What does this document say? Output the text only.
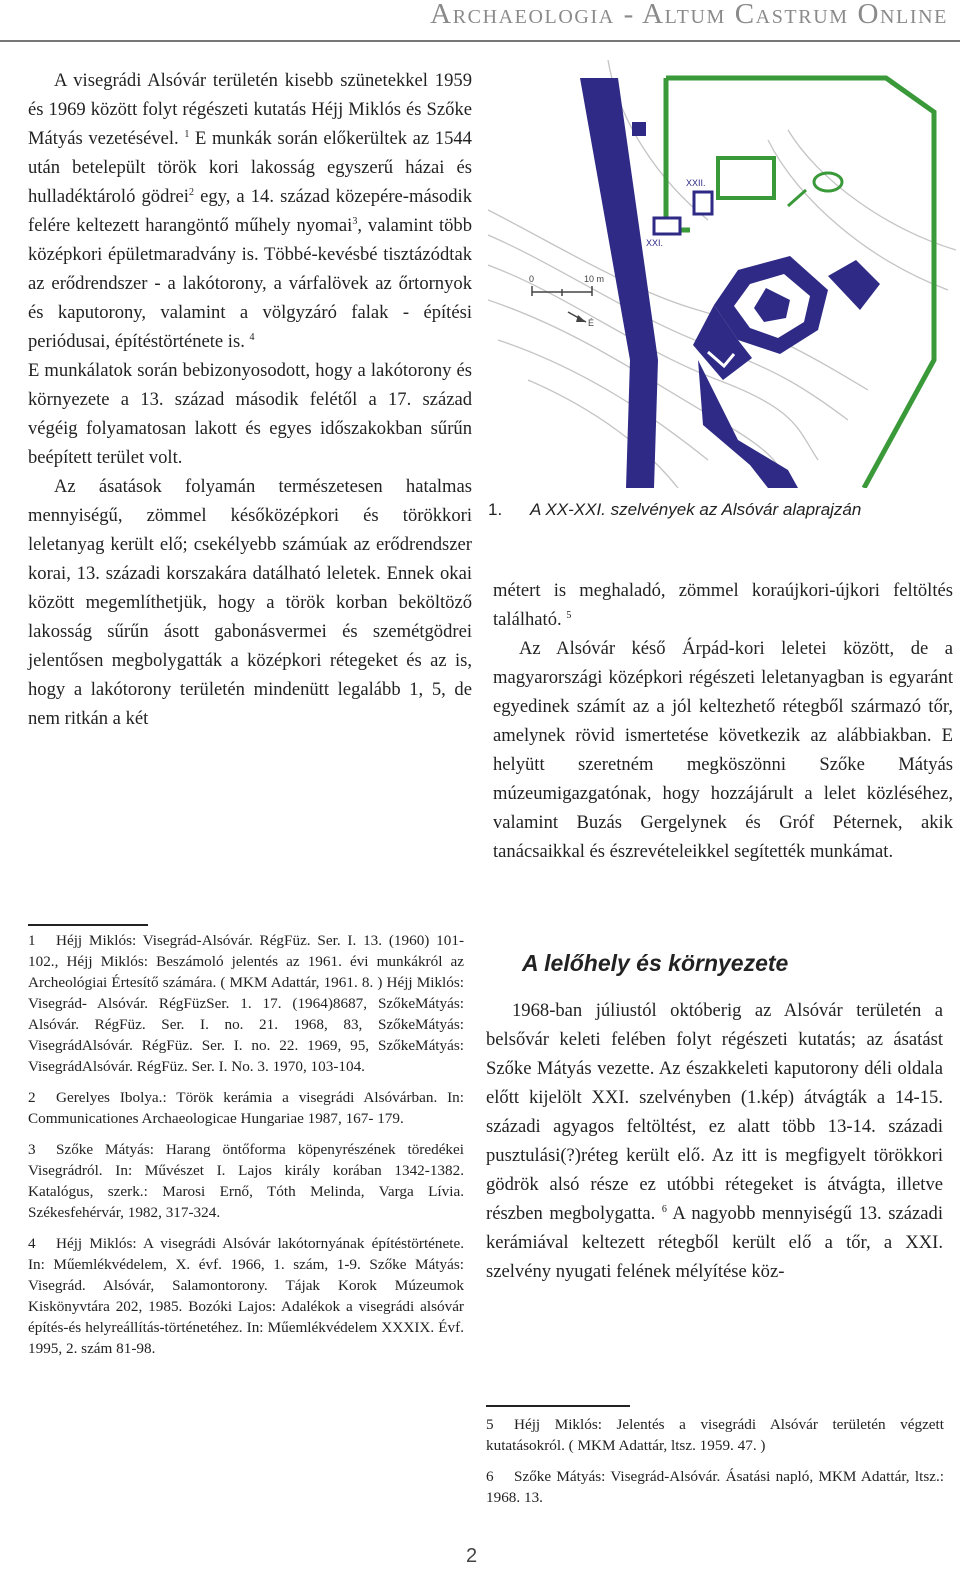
Archaeologia - Altum Castrum Online

A visegrádi Alsóvár területén kisebb szünetekkel 1959 és 1969 között folyt régészeti kutatás Héjj Miklós és Szőke Mátyás vezetésével. $^1$ E munkák során előkerültek az 1544 után betelepült török kori lakosság egyszerű házai és hulladéktároló gödrei$^2$ egy, a 14. század közepére-második felére keltezett harangöntő műhely nyomai$^3$, valamint több középkori épületmaradvány is. Többé-kevésbé tisztázódtak az erődrendszer - a lakótorony, a várfalövek az őrtornyok és kaputorony, valamint a völgyzáró falak - építési periódusai, építéstörténete is. $^4$

E munkálatok során bebizonyosodott, hogy a lakótorony és környezete a 13. század második felétől a 17. század végéig folyamatosan lakott és egyes időszakokban sűrűn beépített terület volt.

Az ásatások folyamán természetesen hatalmas mennyiségű, zömmel későközépkori és törökkori leletanyag került elő; csekélyebb számúak az erődrendszer korai, 13. századi korszakára datálható leletek. Ennek okai között megemlíthetjük, hogy a török korban beköltöző lakosság sűrűn ásott gabonásvermei és szemétgödrei jelentősen megbolygatták a középkori rétegeket és az is, hogy a lakótorony területén mindenütt legalább 1, 5, de nem ritkán a két

1 Héjj Miklós: Visegrád-Alsóvár. RégFüz. Ser. I. 13. (1960) 101-102., Héjj Miklós: Beszámoló jelentés az 1961. évi munkákról az Archeológiai Értesítő számára. ( MKM Adattár, 1961. 8. ) Héjj Miklós: Visegrád- Alsóvár. RégFüzSer. 1. 17. (1964)8687, SzőkeMátyás: Alsóvár. RégFüz. Ser. I. no. 21. 1968, 83, SzőkeMátyás: VisegrádAlsóvár. RégFüz. Ser. I. no. 22. 1969, 95, SzőkeMátyás: VisegrádAlsóvár. RégFüz. Ser. I. No. 3. 1970, 103-104.
2 Gerelyes Ibolya.: Török kerámia a visegrádi Alsóvárban. In: Communicationes Archaeologicae Hungariae 1987, 167- 179.
3 Szőke Mátyás: Harang öntőforma köpenyrészének töredékei Visegrádról. In: Művészet I. Lajos király korában 1342-1382. Katalógus, szerk.: Marosi Ernő, Tóth Melinda, Varga Lívia. Székesfehérvár, 1982, 317-324.
4 Héjj Miklós: A visegrádi Alsóvár lakótornyának építéstörténete. In: Műemlékvédelem, X. évf. 1966, 1. szám, 1-9. Szőke Mátyás: Visegrád. Alsóvár, Salamontorony. Tájak Korok Múzeumok Kiskönyvtára 202, 1985. Bozóki Lajos: Adalékok a visegrádi alsóvár építés-és helyreállítás-történetéhez. In: Műemlékvédelem XXXIX. Évf. 1995, 2. szám 81-98.
XXI.
XXII.
0	10 m
É
1. A XX-XXI. szelvények az Alsóvár alaprajzán

métert is meghaladó, zömmel koraújkori-újkori feltöltés található. $^5$

Az Alsóvár késő Árpád-kori leletei között, de a magyarországi középkori régészeti leletanyagban is egyaránt egyedinek számít az a jól keltezhető rétegből származó tőr, amelynek rövid ismertetése következik az alábbiakban. E helyütt szeretném megköszönni Szőke Mátyás múzeumigazgatónak, hogy hozzájárult a lelet közléséhez, valamint Buzás Gergelynek és Gróf Péternek, akik tanácsaikkal és észrevételeikkel segítették munkámat.

A lelőhely és környezete

1968-ban júliustól októberig az Alsóvár területén a belsővár keleti felében folyt régészeti kutatás; az ásatást Szőke Mátyás vezette. Az északkeleti kaputorony déli oldala előtt kijelölt XXI. szelvényben (1.kép) átvágták a 14-15. századi agyagos feltöltést, ez alatt több 13-14. századi pusztulási(?)réteg került elő. Az itt is megfigyelt törökkori gödrök alsó része ez utóbbi rétegeket is átvágta, illetve részben megbolygatta. $^6$ A nagyobb mennyiségű 13. századi kerámiával keltezett rétegből került elő a tőr, a XXI. szelvény nyugati felének mélyítése köz-

5 Héjj Miklós: Jelentés a visegrádi Alsóvár területén végzett kutatásokról. ( MKM Adattár, ltsz. 1959. 47. )
6 Szőke Mátyás: Visegrád-Alsóvár. Ásatási napló, MKM Adattár, ltsz.: 1968. 13.
2
